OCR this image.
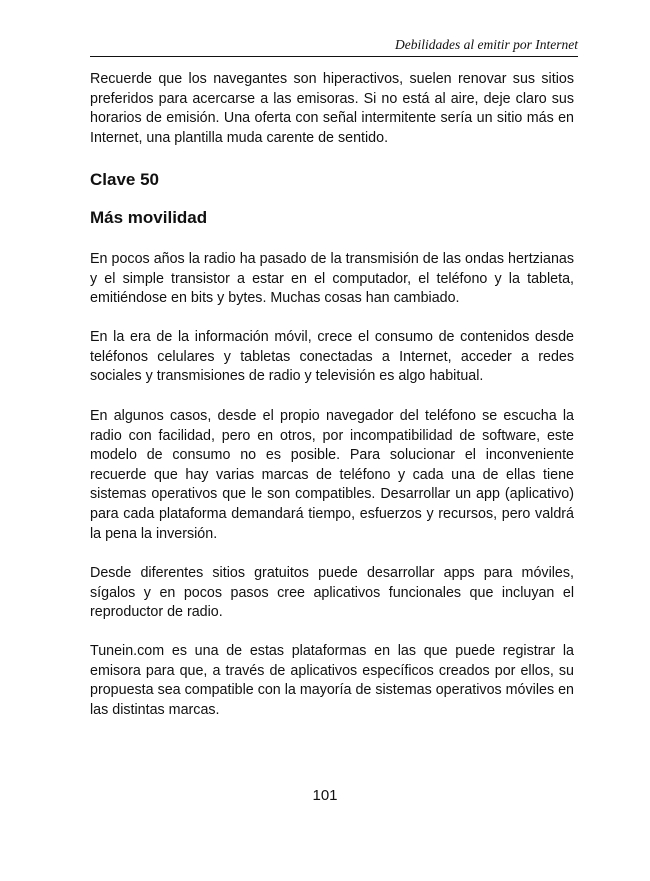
Debilidades al emitir por Internet

Recuerde que los navegantes son hiperactivos, suelen renovar sus sitios preferidos para acercarse a las emisoras. Si no está al aire, deje claro sus horarios de emisión. Una oferta con señal intermitente sería un sitio más en Internet, una plantilla muda carente de sentido.

Clave 50
Más movilidad

En pocos años la radio ha pasado de la transmisión de las ondas hertzianas y el simple transistor a estar en el computador, el teléfono y la tableta, emitiéndose en bits y bytes. Muchas cosas han cambiado.

En la era de la información móvil, crece el consumo de contenidos desde teléfonos celulares y tabletas conectadas a Internet, acceder a redes sociales y transmisiones de radio y televisión es algo habitual.

En algunos casos, desde el propio navegador del teléfono se escucha la radio con facilidad, pero en otros, por incompatibilidad de software, este modelo de consumo no es posible. Para solucionar el inconveniente recuerde que hay varias marcas de teléfono y cada una de ellas tiene sistemas operativos que le son compatibles. Desarrollar un app (aplicativo) para cada plataforma demandará tiempo, esfuerzos y recursos, pero valdrá la pena la inversión.

Desde diferentes sitios gratuitos puede desarrollar apps para móviles, sígalos y en pocos pasos cree aplicativos funcionales que incluyan el reproductor de radio.

Tunein.com es una de estas plataformas en las que puede registrar la emisora para que, a través de aplicativos específicos creados por ellos, su propuesta sea compatible con la mayoría de sistemas operativos móviles en las distintas marcas.

101
